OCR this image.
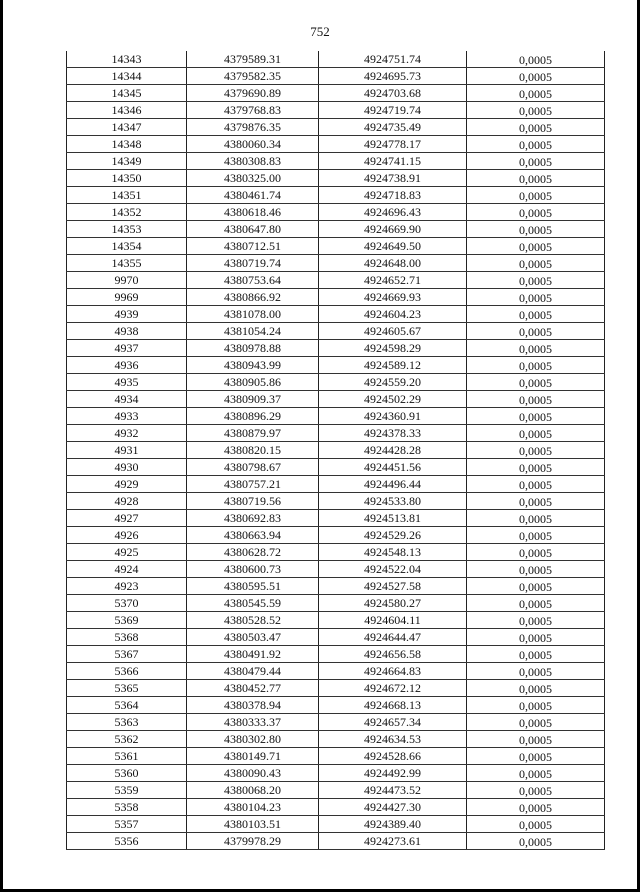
752
14343	4379589.31	4924751.74	0,0005
14344	4379582.35	4924695.73	0,0005
14345	4379690.89	4924703.68	0,0005
14346	4379768.83	4924719.74	0,0005
14347	4379876.35	4924735.49	0,0005
14348	4380060.34	4924778.17	0,0005
14349	4380308.83	4924741.15	0,0005
14350	4380325.00	4924738.91	0,0005
14351	4380461.74	4924718.83	0,0005
14352	4380618.46	4924696.43	0,0005
14353	4380647.80	4924669.90	0,0005
14354	4380712.51	4924649.50	0,0005
14355	4380719.74	4924648.00	0,0005
9970	4380753.64	4924652.71	0,0005
9969	4380866.92	4924669.93	0,0005
4939	4381078.00	4924604.23	0,0005
4938	4381054.24	4924605.67	0,0005
4937	4380978.88	4924598.29	0,0005
4936	4380943.99	4924589.12	0,0005
4935	4380905.86	4924559.20	0,0005
4934	4380909.37	4924502.29	0,0005
4933	4380896.29	4924360.91	0,0005
4932	4380879.97	4924378.33	0,0005
4931	4380820.15	4924428.28	0,0005
4930	4380798.67	4924451.56	0,0005
4929	4380757.21	4924496.44	0,0005
4928	4380719.56	4924533.80	0,0005
4927	4380692.83	4924513.81	0,0005
4926	4380663.94	4924529.26	0,0005
4925	4380628.72	4924548.13	0,0005
4924	4380600.73	4924522.04	0,0005
4923	4380595.51	4924527.58	0,0005
5370	4380545.59	4924580.27	0,0005
5369	4380528.52	4924604.11	0,0005
5368	4380503.47	4924644.47	0,0005
5367	4380491.92	4924656.58	0,0005
5366	4380479.44	4924664.83	0,0005
5365	4380452.77	4924672.12	0,0005
5364	4380378.94	4924668.13	0,0005
5363	4380333.37	4924657.34	0,0005
5362	4380302.80	4924634.53	0,0005
5361	4380149.71	4924528.66	0,0005
5360	4380090.43	4924492.99	0,0005
5359	4380068.20	4924473.52	0,0005
5358	4380104.23	4924427.30	0,0005
5357	4380103.51	4924389.40	0,0005
5356	4379978.29	4924273.61	0,0005
